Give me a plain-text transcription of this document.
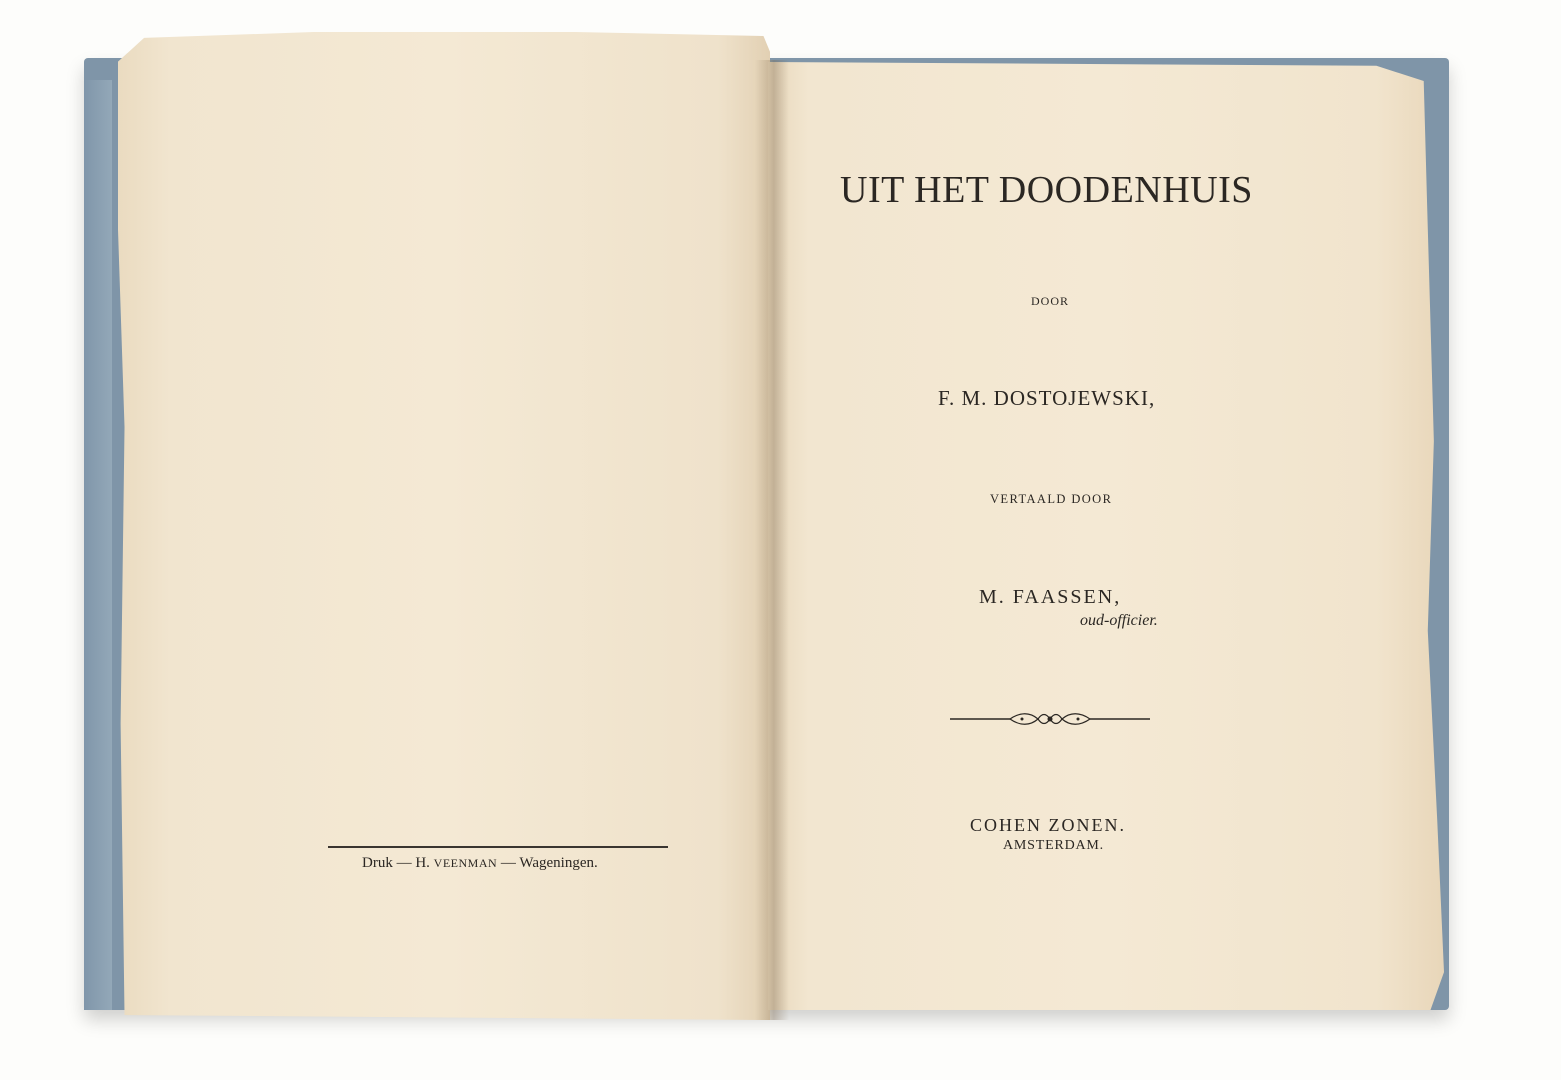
UIT HET DOODENHUIS
DOOR
F. M. DOSTOJEWSKI,
VERTAALD DOOR
M. FAASSEN,
oud-officier.
COHEN ZONEN.
AMSTERDAM.
Druk — H. VEENMAN — Wageningen.
